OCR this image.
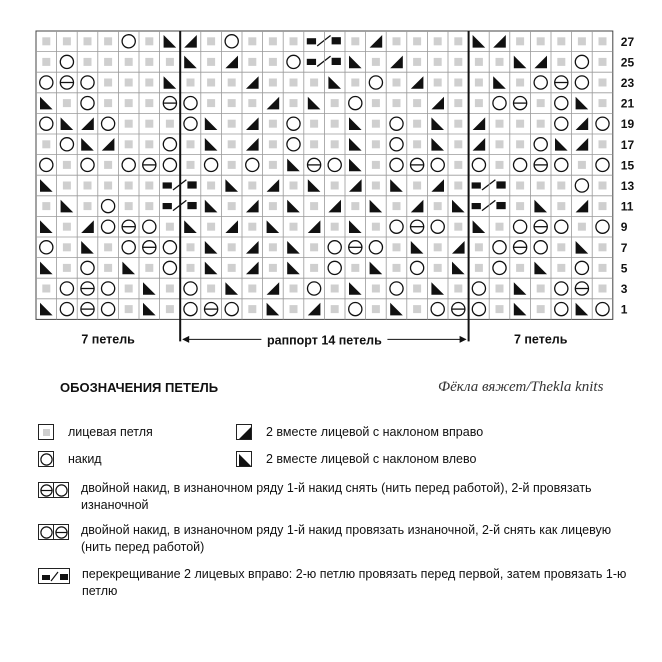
27
25
23
21
19
17
15
13
11
9
7
5
3
1
7 петель	7 петель
раппорт 14 петель
ОБОЗНАЧЕНИЯ ПЕТЕЛЬ	Фёкла вяжет/Thekla knits
лицевая петля	2 вместе лицевой с наклоном вправо
накид	2 вместе лицевой с наклоном влево
двойной накид, в изнаночном ряду 1-й накид снять (нить перед работой), 2-й провязать изнаночной
двойной накид, в изнаночном ряду 1-й накид провязать изнаночной, 2-й снять как лицевую (нить перед работой)
перекрещивание 2 лицевых вправо: 2-ю петлю провязать перед первой, затем провязать 1-ю петлю
